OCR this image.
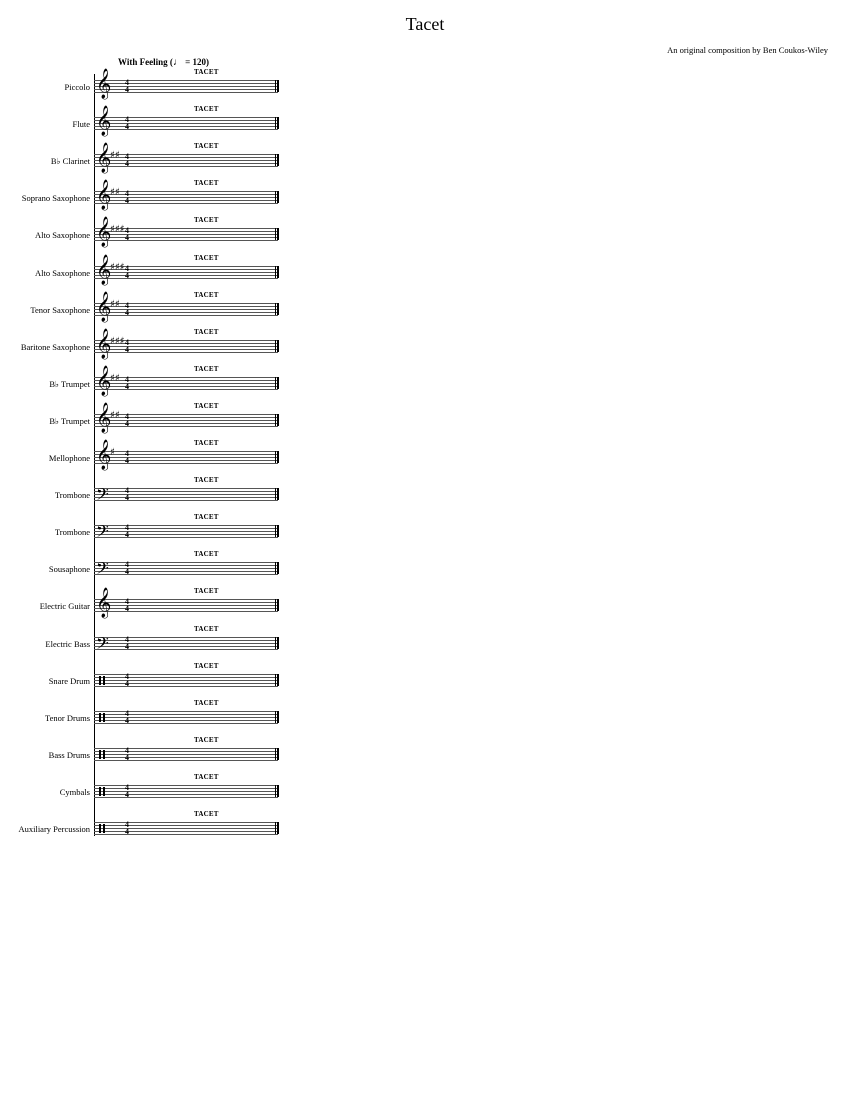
Tacet
An original composition by Ben Coukos-Wiley
With Feeling (♩ = 120)
Piccolo
TACET
𝄞 4
4
Flute
TACET
𝄞 4
4
B♭ Clarinet
TACET
𝄞
♯♯ 4
4
Soprano Saxophone
TACET
𝄞
♯♯ 4
4
Alto Saxophone
TACET
𝄞
♯♯♯ 4
4
Alto Saxophone
TACET
𝄞
♯♯♯ 4
4
Tenor Saxophone
TACET
𝄞
♯♯ 4
4
Baritone Saxophone
TACET
𝄞
♯♯♯ 4
4
B♭ Trumpet
TACET
𝄞
♯♯ 4
4
B♭ Trumpet
TACET
𝄞
♯♯ 4
4
Mellophone
TACET
𝄞
♯ 4
4
Trombone
TACET
𝄢 4
4
Trombone
TACET
𝄢 4
4
Sousaphone
TACET
𝄢 4
4
Electric Guitar
TACET
𝄞 4
4
Electric Bass
TACET
𝄢 4
4
Snare Drum
TACET
4
4
Tenor Drums
TACET
4
4
Bass Drums
TACET
4
4
Cymbals
TACET
4
4
Auxiliary Percussion
TACET
4
4
